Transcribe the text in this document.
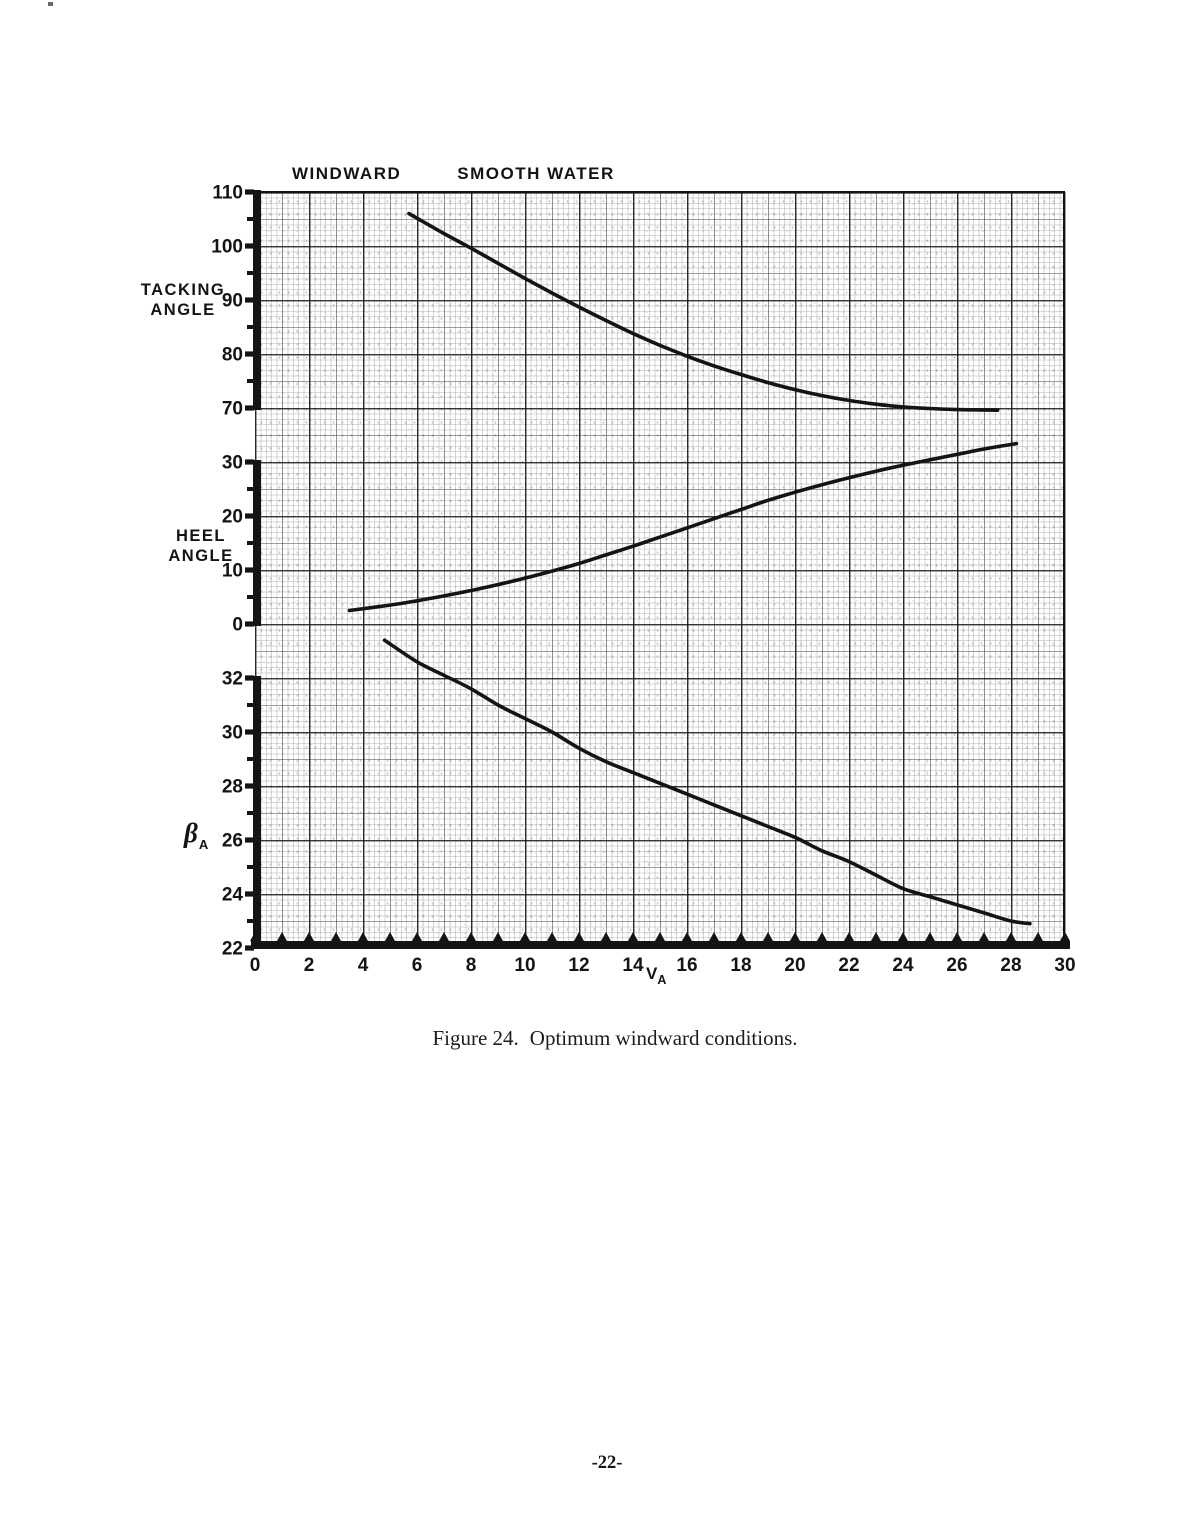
WINDWARD	SMOOTH WATER
TACKING
ANGLE
HEEL
ANGLE
$\beta_A$
$V_A$
110
100
90
80
70
30
20
10
0
32
30
28
26
24
22
0 2 4 6 8 10 12 14 16 18 20 22 24 26 28 30
Figure 24. Optimum windward conditions.
-22-
